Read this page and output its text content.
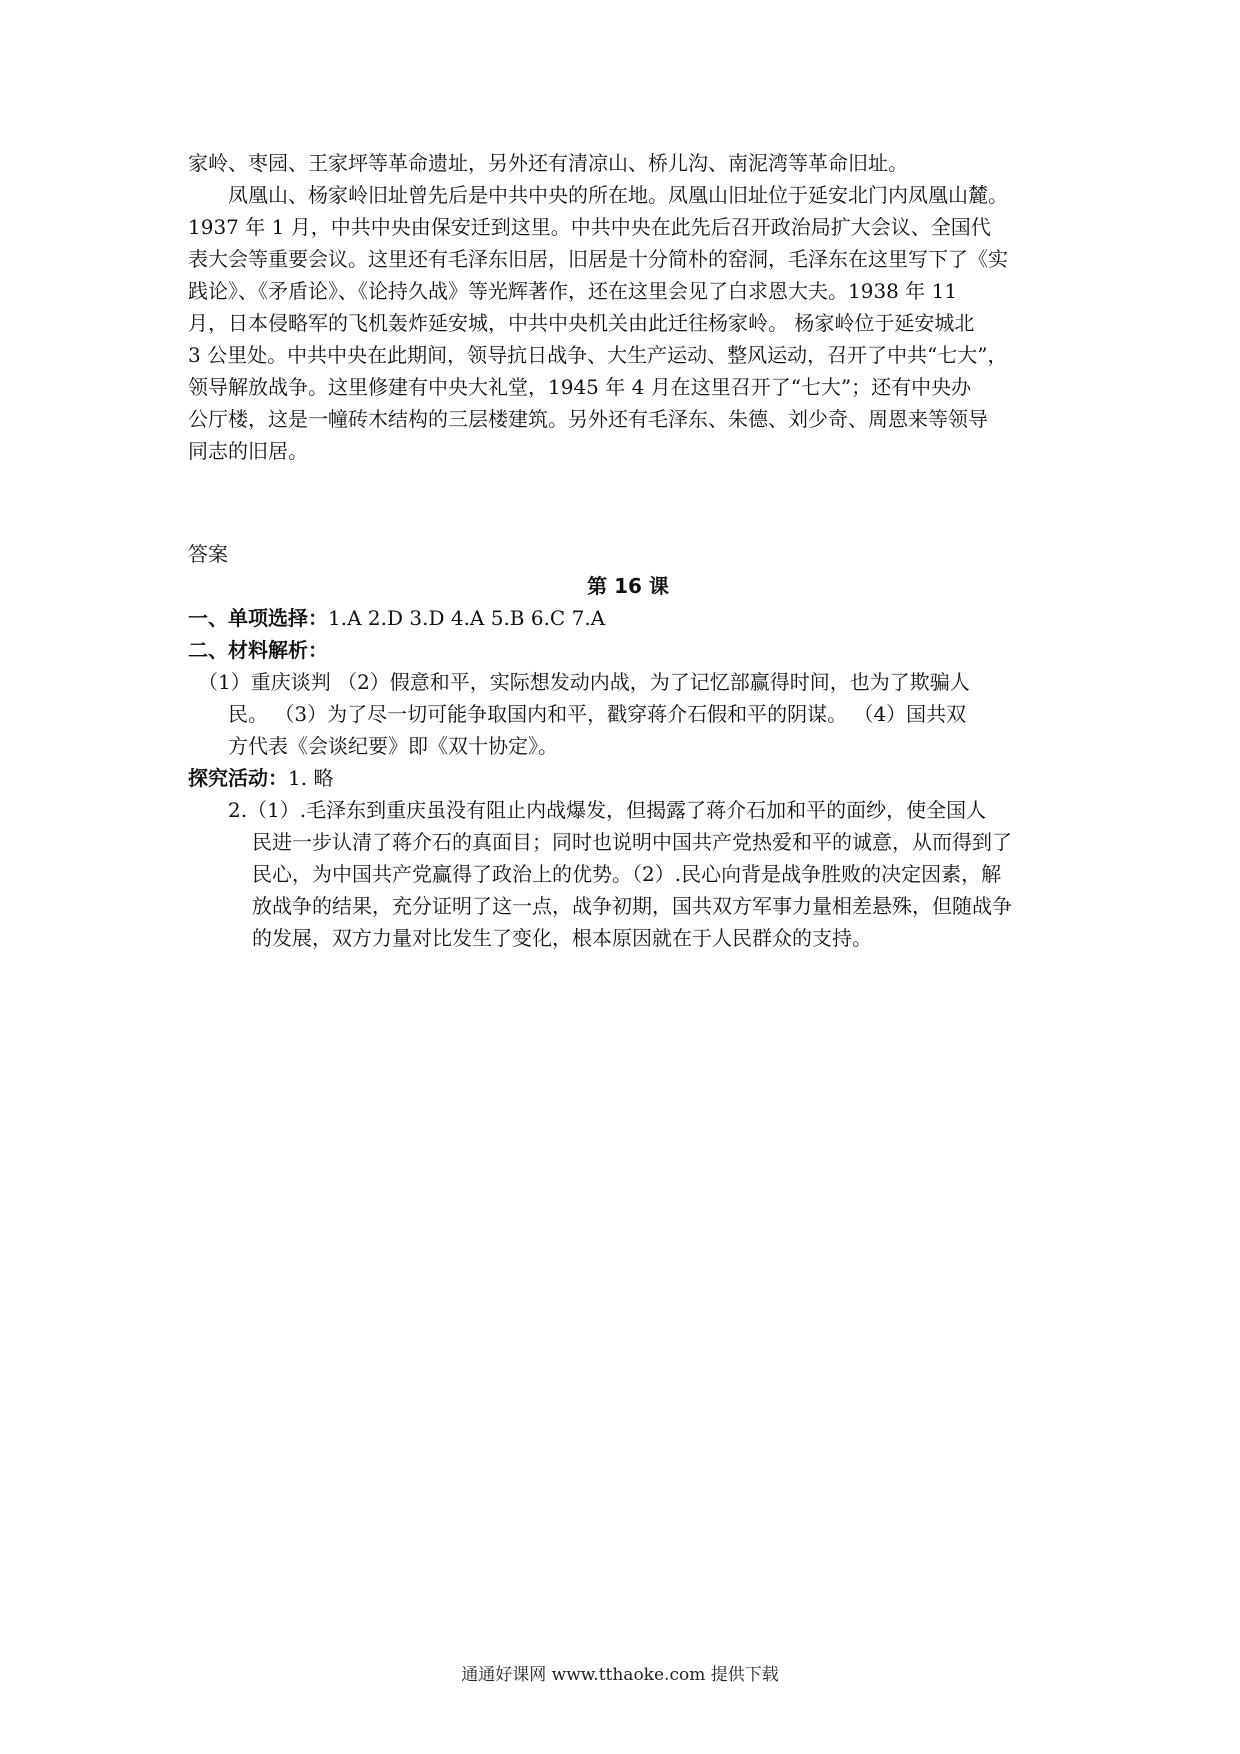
家岭、枣园、王家坪等革命遗址，另外还有清凉山、桥儿沟、南泥湾等革命旧址。
凤凰山、杨家岭旧址曾先后是中共中央的所在地。凤凰山旧址位于延安北门内凤凰山麓。
1937 年 1 月，中共中央由保安迁到这里。中共中央在此先后召开政治局扩大会议、全国代
表大会等重要会议。这里还有毛泽东旧居，旧居是十分简朴的窑洞，毛泽东在这里写下了《实
践论》、《矛盾论》、《论持久战》等光辉著作，还在这里会见了白求恩大夫。1938 年 11
月，日本侵略军的飞机轰炸延安城，中共中央机关由此迁往杨家岭。 杨家岭位于延安城北
3 公里处。中共中央在此期间，领导抗日战争、大生产运动、整风运动，召开了中共“七大”，
领导解放战争。这里修建有中央大礼堂，1945 年 4 月在这里召开了“七大”；还有中央办
公厅楼，这是一幢砖木结构的三层楼建筑。另外还有毛泽东、朱德、刘少奇、周恩来等领导
同志的旧居。
答案
第 16 课
一、单项选择：1.A 2.D 3.D 4.A 5.B 6.C 7.A
二、材料解析：
（1）重庆谈判 （2）假意和平，实际想发动内战，为了记忆部赢得时间，也为了欺骗人
民。 （3）为了尽一切可能争取国内和平，戳穿蒋介石假和平的阴谋。 （4）国共双
方代表《会谈纪要》即《双十协定》。
探究活动：1. 略
2.（1）.毛泽东到重庆虽没有阻止内战爆发，但揭露了蒋介石加和平的面纱，使全国人
民进一步认清了蒋介石的真面目；同时也说明中国共产党热爱和平的诚意，从而得到了
民心，为中国共产党赢得了政治上的优势。（2）.民心向背是战争胜败的决定因素，解
放战争的结果，充分证明了这一点，战争初期，国共双方军事力量相差悬殊，但随战争
的发展，双方力量对比发生了变化，根本原因就在于人民群众的支持。
通通好课网 www.tthaoke.com 提供下载
